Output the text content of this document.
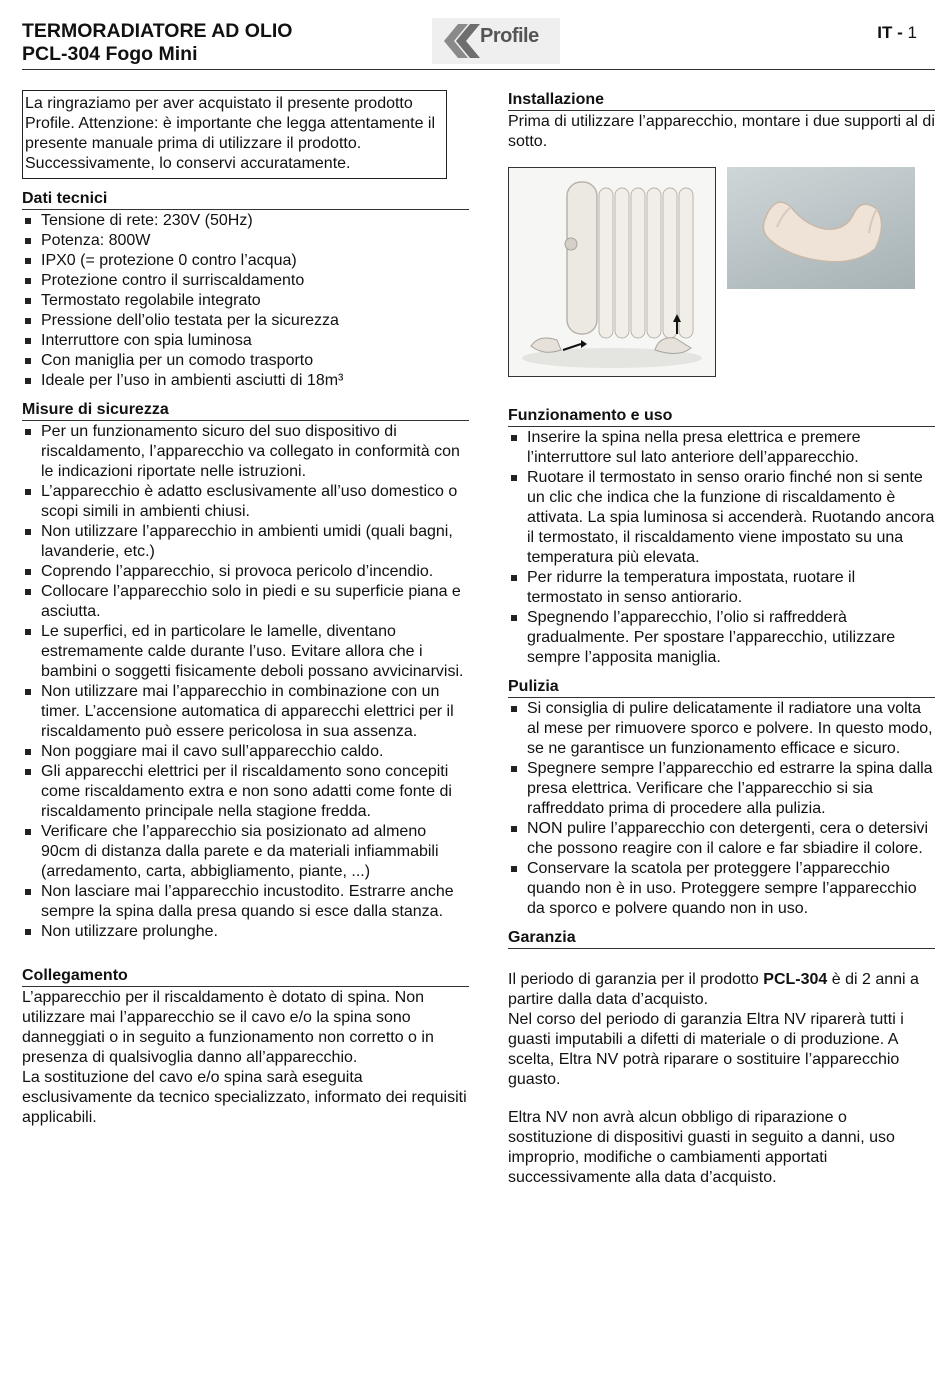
TERMORADIATORE AD OLIO
PCL-304 Fogo Mini
Profile	IT - 1
La ringraziamo per aver acquistato il presente prodotto Profile. Attenzione: è importante che legga attentamente il presente manuale prima di utilizzare il prodotto. Successivamente, lo conservi accuratamente.
Dati tecnici
Tensione di rete: 230V (50Hz)
Potenza: 800W
IPX0 (= protezione 0 contro l’acqua)
Protezione contro il surriscaldamento
Termostato regolabile integrato
Pressione dell’olio testata per la sicurezza
Interruttore con spia luminosa
Con maniglia per un comodo trasporto
Ideale per l’uso in ambienti asciutti di 18m³
Misure di sicurezza
Per un funzionamento sicuro del suo dispositivo di riscaldamento, l’apparecchio va collegato in conformità con le indicazioni riportate nelle istruzioni.
L’apparecchio è adatto esclusivamente all’uso domestico o scopi simili in ambienti chiusi.
Non utilizzare l’apparecchio in ambienti umidi (quali bagni, lavanderie, etc.)
Coprendo l’apparecchio, si provoca pericolo d’incendio.
Collocare l’apparecchio solo in piedi e su superficie piana e asciutta.
Le superfici, ed in particolare le lamelle, diventano estremamente calde durante l’uso. Evitare allora che i bambini o soggetti fisicamente deboli possano avvicinarvisi.
Non utilizzare mai l’apparecchio in combinazione con un timer. L’accensione automatica di apparecchi elettrici per il riscaldamento può essere pericolosa in sua assenza.
Non poggiare mai il cavo sull’apparecchio caldo.
Gli apparecchi elettrici per il riscaldamento sono concepiti come riscaldamento extra e non sono adatti come fonte di riscaldamento principale nella stagione fredda.
Verificare che l’apparecchio sia posizionato ad almeno 90cm di distanza dalla parete e da materiali infiammabili (arredamento, carta, abbigliamento, piante, ...)
Non lasciare mai l’apparecchio incustodito. Estrarre anche sempre la spina dalla presa quando si esce dalla stanza.
Non utilizzare prolunghe.
Collegamento
L’apparecchio per il riscaldamento è dotato di spina. Non utilizzare mai l’apparecchio se il cavo e/o la spina sono danneggiati o in seguito a funzionamento non corretto o in presenza di qualsivoglia danno all’apparecchio.
La sostituzione del cavo e/o spina sarà eseguita esclusivamente da tecnico specializzato, informato dei requisiti applicabili.
Installazione
Prima di utilizzare l’apparecchio, montare i due supporti al di sotto.
Funzionamento e uso
Inserire la spina nella presa elettrica e premere l’interruttore sul lato anteriore dell’apparecchio.
Ruotare il termostato in senso orario finché non si sente un clic che indica che la funzione di riscaldamento è attivata. La spia luminosa si accenderà. Ruotando ancora il termostato, il riscaldamento viene impostato su una temperatura più elevata.
Per ridurre la temperatura impostata, ruotare il termostato in senso antiorario.
Spegnendo l’apparecchio, l’olio si raffredderà gradualmente. Per spostare l’apparecchio, utilizzare sempre l’apposita maniglia.
Pulizia
Si consiglia di pulire delicatamente il radiatore una volta al mese per rimuovere sporco e polvere. In questo modo, se ne garantisce un funzionamento efficace e sicuro.
Spegnere sempre l’apparecchio ed estrarre la spina dalla presa elettrica. Verificare che l’apparecchio si sia raffreddato prima di procedere alla pulizia.
NON pulire l’apparecchio con detergenti, cera o detersivi che possono reagire con il calore e far sbiadire il colore.
Conservare la scatola per proteggere l’apparecchio quando non è in uso. Proteggere sempre l’apparecchio da sporco e polvere quando non in uso.
Garanzia
Il periodo di garanzia per il prodotto PCL-304 è di 2 anni a partire dalla data d’acquisto.
Nel corso del periodo di garanzia Eltra NV riparerà tutti i guasti imputabili a difetti di materiale o di produzione. A scelta, Eltra NV potrà riparare o sostituire l’apparecchio guasto.
Eltra NV non avrà alcun obbligo di riparazione o sostituzione di dispositivi guasti in seguito a danni, uso improprio, modifiche o cambiamenti apportati successivamente alla data d’acquisto.
